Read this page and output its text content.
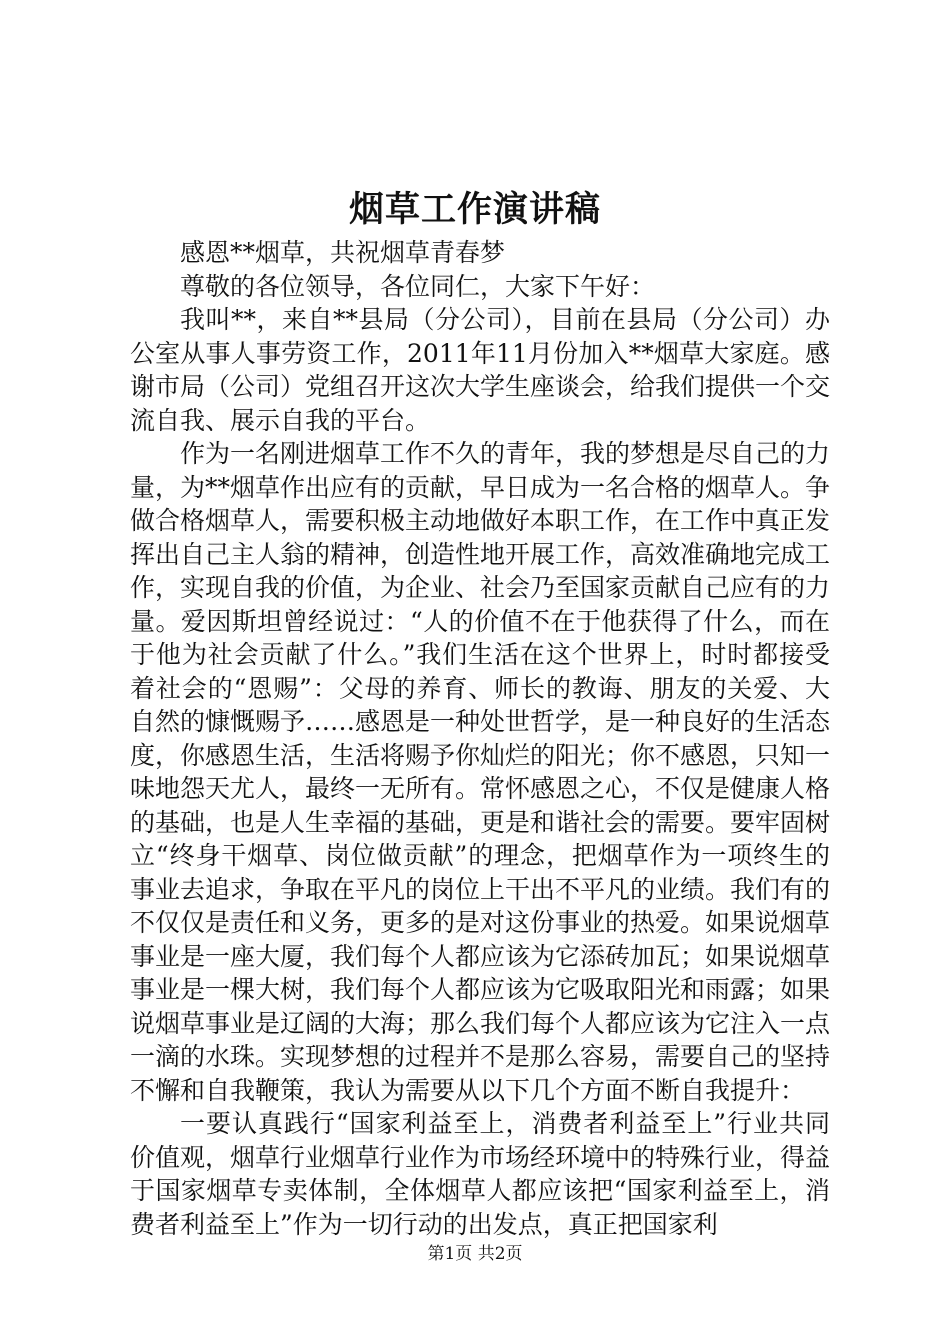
烟草工作演讲稿

感恩**烟草，共祝烟草青春梦

尊敬的各位领导，各位同仁，大家下午好：

我叫**，来自**县局（分公司），目前在县局（分公司）办公室从事人事劳资工作，2011年11月份加入**烟草大家庭。感谢市局（公司）党组召开这次大学生座谈会，给我们提供一个交流自我、展示自我的平台。

作为一名刚进烟草工作不久的青年，我的梦想是尽自己的力量，为**烟草作出应有的贡献，早日成为一名合格的烟草人。争做合格烟草人，需要积极主动地做好本职工作，在工作中真正发挥出自己主人翁的精神，创造性地开展工作，高效准确地完成工作，实现自我的价值，为企业、社会乃至国家贡献自己应有的力量。爱因斯坦曾经说过：“人的价值不在于他获得了什么，而在于他为社会贡献了什么。”我们生活在这个世界上，时时都接受着社会的“恩赐”：父母的养育、师长的教诲、朋友的关爱、大自然的慷慨赐予……感恩是一种处世哲学，是一种良好的生活态度，你感恩生活，生活将赐予你灿烂的阳光；你不感恩，只知一味地怨天尤人，最终一无所有。常怀感恩之心，不仅是健康人格的基础，也是人生幸福的基础，更是和谐社会的需要。要牢固树立“终身干烟草、岗位做贡献”的理念，把烟草作为一项终生的事业去追求，争取在平凡的岗位上干出不平凡的业绩。我们有的不仅仅是责任和义务，更多的是对这份事业的热爱。如果说烟草事业是一座大厦，我们每个人都应该为它添砖加瓦；如果说烟草事业是一棵大树，我们每个人都应该为它吸取阳光和雨露；如果说烟草事业是辽阔的大海；那么我们每个人都应该为它注入一点一滴的水珠。实现梦想的过程并不是那么容易，需要自己的坚持不懈和自我鞭策，我认为需要从以下几个方面不断自我提升：

一要认真践行“国家利益至上，消费者利益至上”行业共同价值观，烟草行业烟草行业作为市场经环境中的特殊行业，得益于国家烟草专卖体制，全体烟草人都应该把“国家利益至上，消费者利益至上”作为一切行动的出发点，真正把国家利

第1页 共2页
